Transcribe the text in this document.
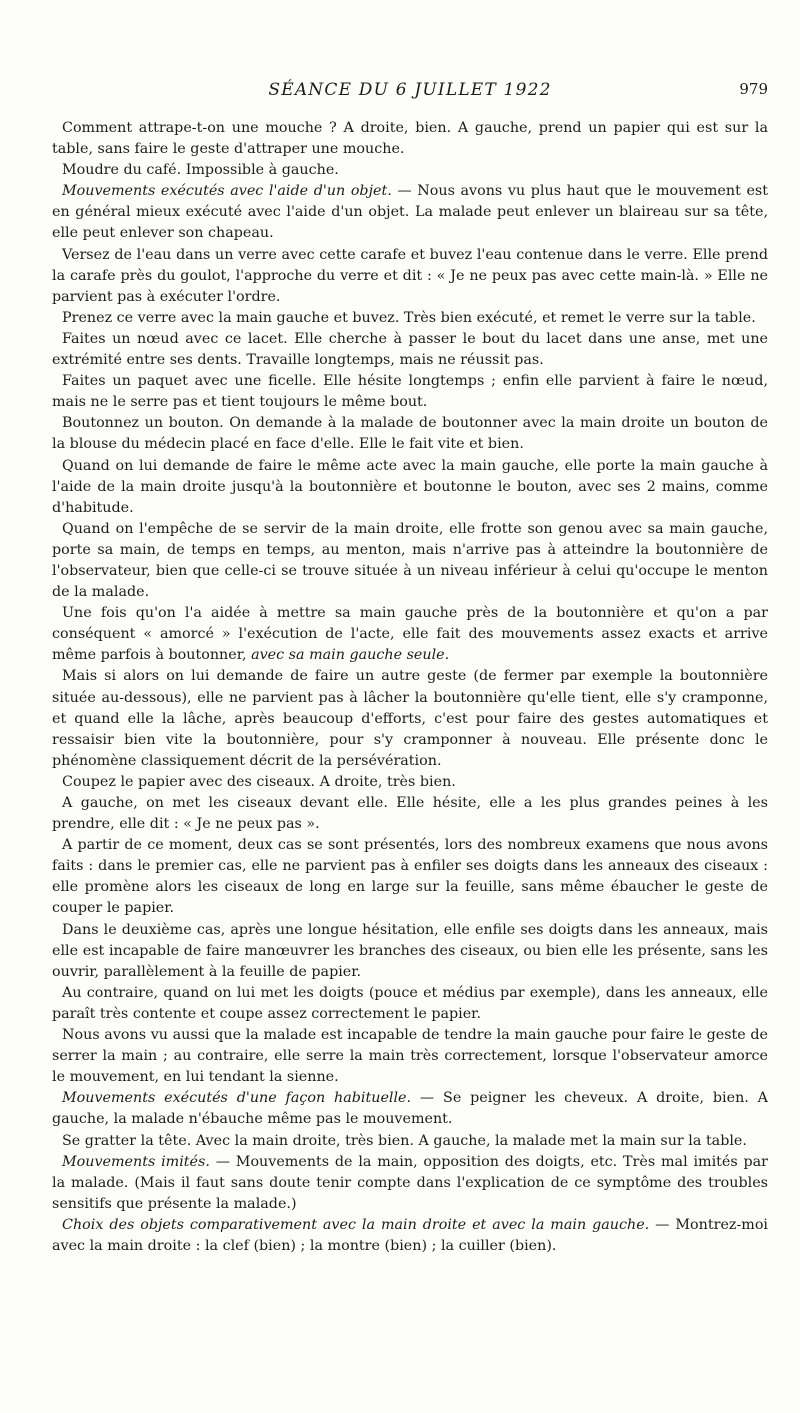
SÉANCE DU 6 JUILLET 1922	979

Comment attrape-t-on une mouche ? A droite, bien. A gauche, prend un papier qui est sur la table, sans faire le geste d'attraper une mouche.

Moudre du café. Impossible à gauche.

Mouvements exécutés avec l'aide d'un objet. — Nous avons vu plus haut que le mouvement est en général mieux exécuté avec l'aide d'un objet. La malade peut enlever un blaireau sur sa tête, elle peut enlever son chapeau.

Versez de l'eau dans un verre avec cette carafe et buvez l'eau contenue dans le verre. Elle prend la carafe près du goulot, l'approche du verre et dit : « Je ne peux pas avec cette main-là. » Elle ne parvient pas à exécuter l'ordre.

Prenez ce verre avec la main gauche et buvez. Très bien exécuté, et remet le verre sur la table.

Faites un nœud avec ce lacet. Elle cherche à passer le bout du lacet dans une anse, met une extrémité entre ses dents. Travaille longtemps, mais ne réussit pas.

Faites un paquet avec une ficelle. Elle hésite longtemps ; enfin elle parvient à faire le nœud, mais ne le serre pas et tient toujours le même bout.

Boutonnez un bouton. On demande à la malade de boutonner avec la main droite un bouton de la blouse du médecin placé en face d'elle. Elle le fait vite et bien.

Quand on lui demande de faire le même acte avec la main gauche, elle porte la main gauche à l'aide de la main droite jusqu'à la boutonnière et boutonne le bouton, avec ses 2 mains, comme d'habitude.

Quand on l'empêche de se servir de la main droite, elle frotte son genou avec sa main gauche, porte sa main, de temps en temps, au menton, mais n'arrive pas à atteindre la boutonnière de l'observateur, bien que celle-ci se trouve située à un niveau inférieur à celui qu'occupe le menton de la malade.

Une fois qu'on l'a aidée à mettre sa main gauche près de la boutonnière et qu'on a par conséquent « amorcé » l'exécution de l'acte, elle fait des mouvements assez exacts et arrive même parfois à boutonner, avec sa main gauche seule.

Mais si alors on lui demande de faire un autre geste (de fermer par exemple la boutonnière située au-dessous), elle ne parvient pas à lâcher la boutonnière qu'elle tient, elle s'y cramponne, et quand elle la lâche, après beaucoup d'efforts, c'est pour faire des gestes automatiques et ressaisir bien vite la boutonnière, pour s'y cramponner à nouveau. Elle présente donc le phénomène classiquement décrit de la persévération.

Coupez le papier avec des ciseaux. A droite, très bien.

A gauche, on met les ciseaux devant elle. Elle hésite, elle a les plus grandes peines à les prendre, elle dit : « Je ne peux pas ».

A partir de ce moment, deux cas se sont présentés, lors des nombreux examens que nous avons faits : dans le premier cas, elle ne parvient pas à enfiler ses doigts dans les anneaux des ciseaux : elle promène alors les ciseaux de long en large sur la feuille, sans même ébaucher le geste de couper le papier.

Dans le deuxième cas, après une longue hésitation, elle enfile ses doigts dans les anneaux, mais elle est incapable de faire manœuvrer les branches des ciseaux, ou bien elle les présente, sans les ouvrir, parallèlement à la feuille de papier.

Au contraire, quand on lui met les doigts (pouce et médius par exemple), dans les anneaux, elle paraît très contente et coupe assez correctement le papier.

Nous avons vu aussi que la malade est incapable de tendre la main gauche pour faire le geste de serrer la main ; au contraire, elle serre la main très correctement, lorsque l'observateur amorce le mouvement, en lui tendant la sienne.

Mouvements exécutés d'une façon habituelle. — Se peigner les cheveux. A droite, bien. A gauche, la malade n'ébauche même pas le mouvement.

Se gratter la tête. Avec la main droite, très bien. A gauche, la malade met la main sur la table.

Mouvements imités. — Mouvements de la main, opposition des doigts, etc. Très mal imités par la malade. (Mais il faut sans doute tenir compte dans l'explication de ce symptôme des troubles sensitifs que présente la malade.)

Choix des objets comparativement avec la main droite et avec la main gauche. — Montrez-moi avec la main droite : la clef (bien) ; la montre (bien) ; la cuiller (bien).
